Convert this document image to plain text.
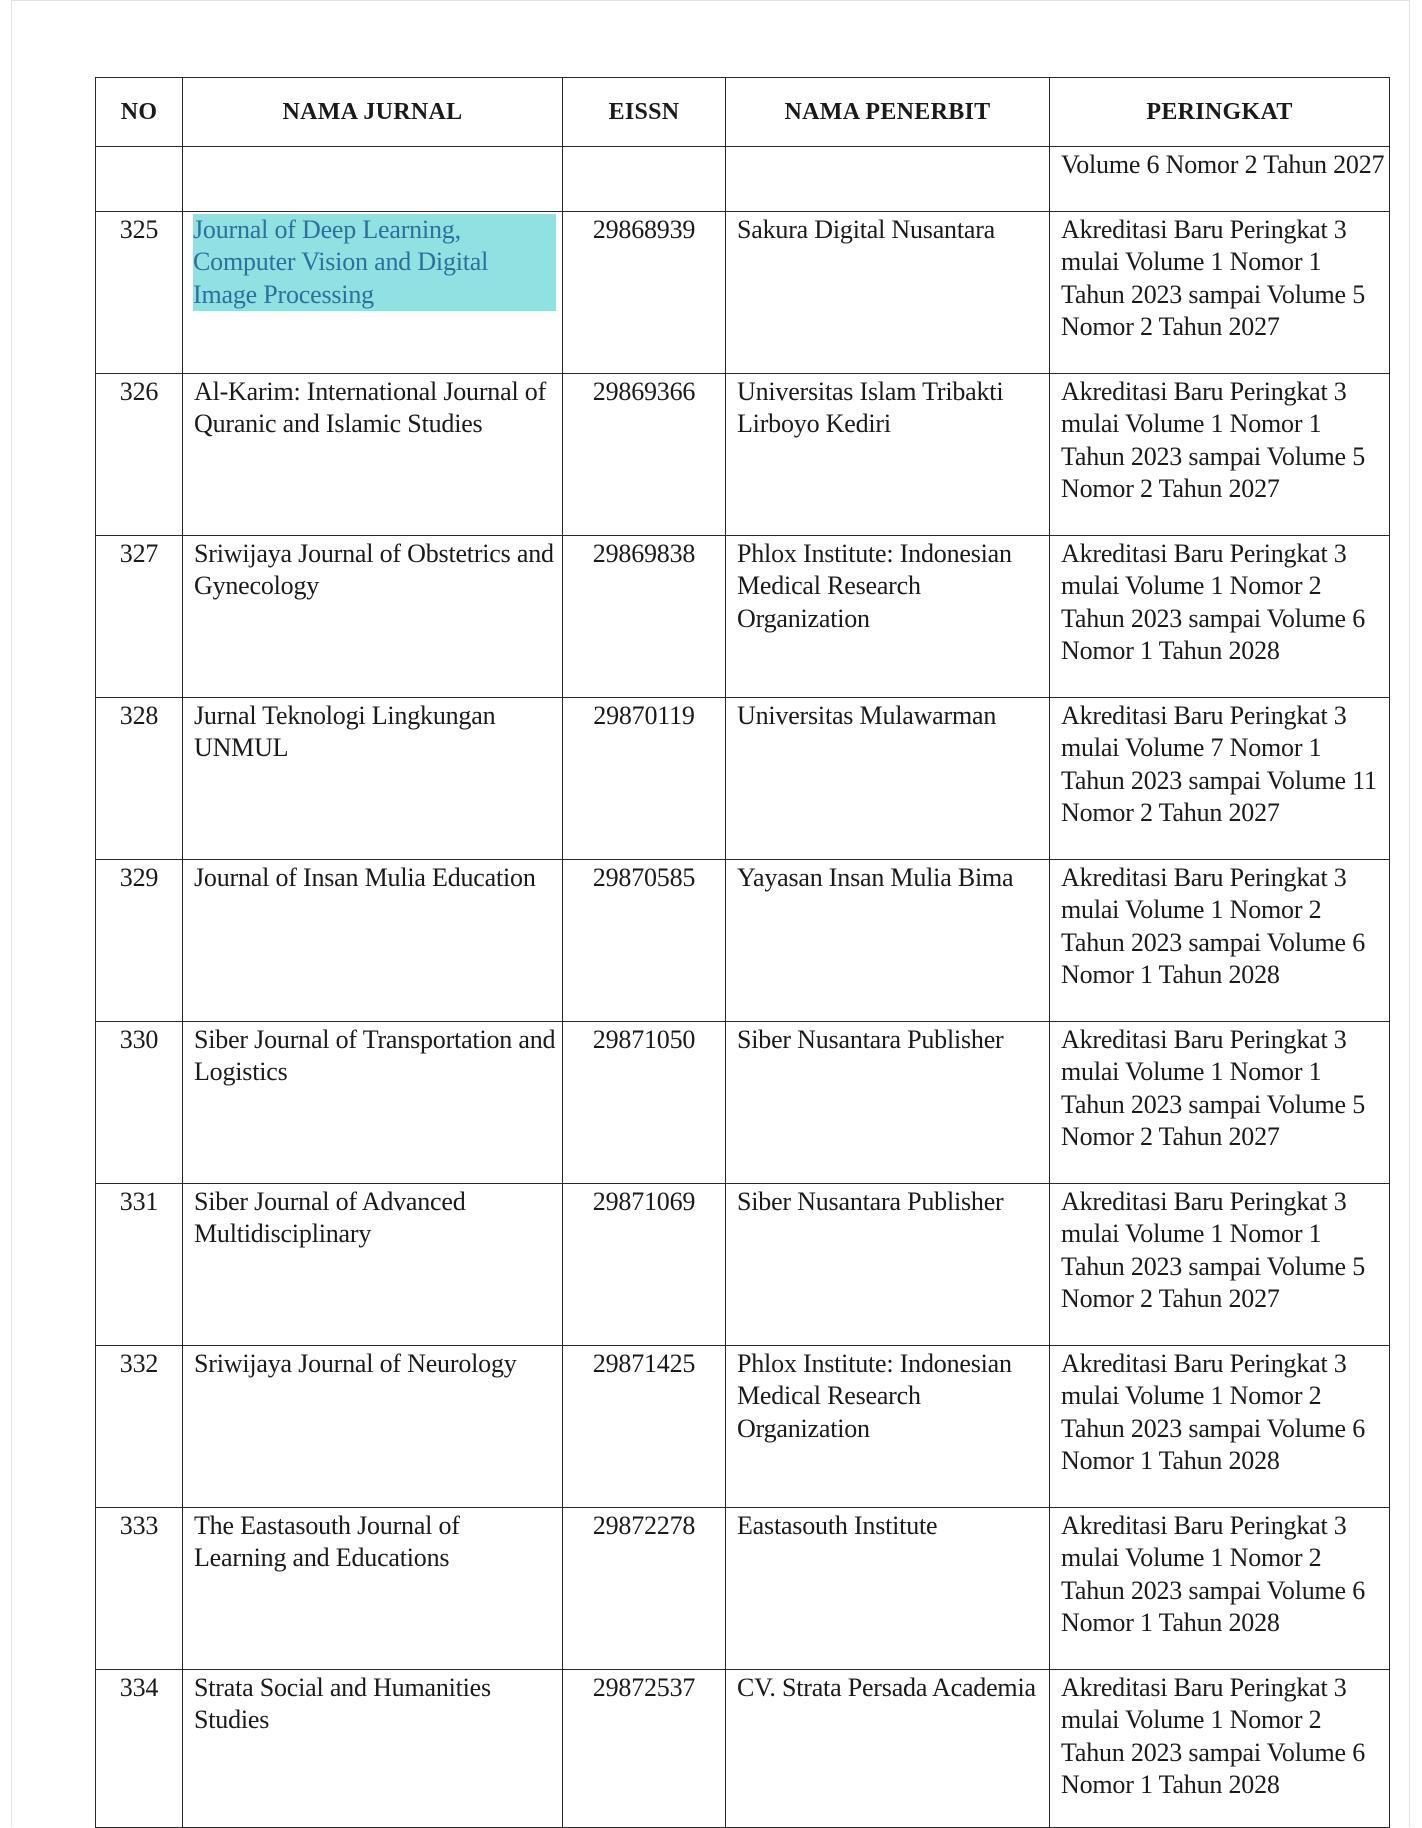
NO	NAMA JURNAL	EISSN	NAMA PENERBIT	PERINGKAT
				Volume 6 Nomor 2 Tahun 2027
325	Journal of Deep Learning, Computer Vision and Digital Image Processing	29868939	Sakura Digital Nusantara	Akreditasi Baru Peringkat 3 mulai Volume 1 Nomor 1 Tahun 2023 sampai Volume 5 Nomor 2 Tahun 2027
326	Al-Karim: International Journal of Quranic and Islamic Studies	29869366	Universitas Islam Tribakti Lirboyo Kediri	Akreditasi Baru Peringkat 3 mulai Volume 1 Nomor 1 Tahun 2023 sampai Volume 5 Nomor 2 Tahun 2027
327	Sriwijaya Journal of Obstetrics and Gynecology	29869838	Phlox Institute: Indonesian Medical Research Organization	Akreditasi Baru Peringkat 3 mulai Volume 1 Nomor 2 Tahun 2023 sampai Volume 6 Nomor 1 Tahun 2028
328	Jurnal Teknologi Lingkungan UNMUL	29870119	Universitas Mulawarman	Akreditasi Baru Peringkat 3 mulai Volume 7 Nomor 1 Tahun 2023 sampai Volume 11 Nomor 2 Tahun 2027
329	Journal of Insan Mulia Education	29870585	Yayasan Insan Mulia Bima	Akreditasi Baru Peringkat 3 mulai Volume 1 Nomor 2 Tahun 2023 sampai Volume 6 Nomor 1 Tahun 2028
330	Siber Journal of Transportation and Logistics	29871050	Siber Nusantara Publisher	Akreditasi Baru Peringkat 3 mulai Volume 1 Nomor 1 Tahun 2023 sampai Volume 5 Nomor 2 Tahun 2027
331	Siber Journal of Advanced Multidisciplinary	29871069	Siber Nusantara Publisher	Akreditasi Baru Peringkat 3 mulai Volume 1 Nomor 1 Tahun 2023 sampai Volume 5 Nomor 2 Tahun 2027
332	Sriwijaya Journal of Neurology	29871425	Phlox Institute: Indonesian Medical Research Organization	Akreditasi Baru Peringkat 3 mulai Volume 1 Nomor 2 Tahun 2023 sampai Volume 6 Nomor 1 Tahun 2028
333	The Eastasouth Journal of Learning and Educations	29872278	Eastasouth Institute	Akreditasi Baru Peringkat 3 mulai Volume 1 Nomor 2 Tahun 2023 sampai Volume 6 Nomor 1 Tahun 2028
334	Strata Social and Humanities Studies	29872537	CV. Strata Persada Academia	Akreditasi Baru Peringkat 3 mulai Volume 1 Nomor 2 Tahun 2023 sampai Volume 6 Nomor 1 Tahun 2028
